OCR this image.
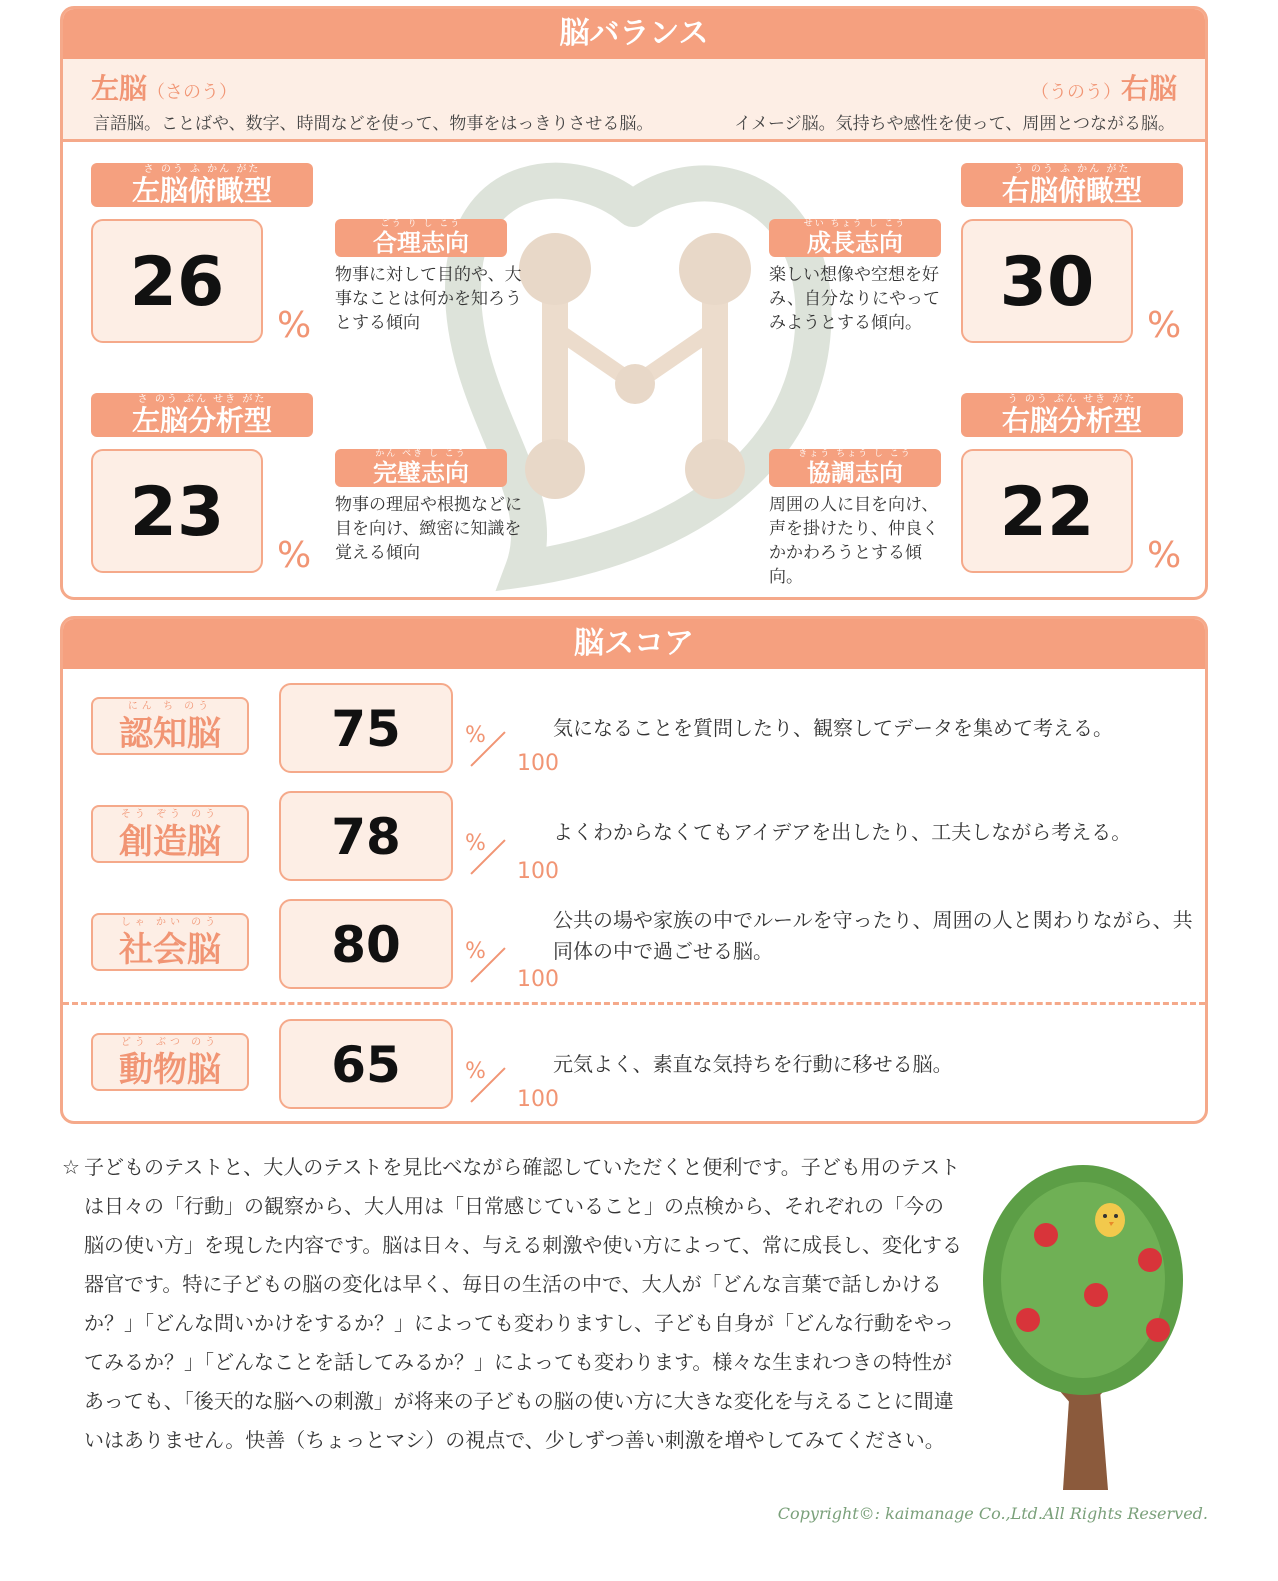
脳バランス
左脳（さのう）	（うのう）右脳
言語脳。ことばや、数字、時間などを使って、物事をはっきりさせる脳。	イメージ脳。気持ちや感性を使って、周囲とつながる脳。
さ のう ふ かん がた
左脳俯瞰型
26
%
さ のう ぶん せき がた
左脳分析型
23
%
う のう ふ かん がた
右脳俯瞰型
30
%
う のう ぶん せき がた
右脳分析型
22
%
ごう り し こう
合理志向
物事に対して目的や、大事なことは何かを知ろうとする傾向
かん ぺき し こう
完璧志向
物事の理屈や根拠などに目を向け、緻密に知識を覚える傾向
せい ちょう し こう
成長志向
楽しい想像や空想を好み、自分なりにやってみようとする傾向。
きょう ちょう し こう
協調志向
周囲の人に目を向け、声を掛けたり、仲良くかかわろうとする傾向。
脳スコア
にん ち のう
認知脳	75	%
100
気になることを質問したり、観察してデータを集めて考える。
そう ぞう のう
創造脳	78	%
100
よくわからなくてもアイデアを出したり、工夫しながら考える。
しゃ かい のう
社会脳	80	%
100
公共の場や家族の中でルールを守ったり、周囲の人と関わりながら、共同体の中で過ごせる脳。
どう ぶつ のう
動物脳	65	%
100
元気よく、素直な気持ちを行動に移せる脳。
☆ 子どものテストと、大人のテストを見比べながら確認していただくと便利です。子ども用のテストは日々の「行動」の観察から、大人用は「日常感じていること」の点検から、それぞれの「今の脳の使い方」を現した内容です。脳は日々、与える刺激や使い方によって、常に成長し、変化する器官です。特に子どもの脳の変化は早く、毎日の生活の中で、大人が「どんな言葉で話しかけるか？」「どんな問いかけをするか？」によっても変わりますし、子ども自身が「どんな行動をやってみるか？」「どんなことを話してみるか？」によっても変わります。様々な生まれつきの特性があっても、「後天的な脳への刺激」が将来の子どもの脳の使い方に大きな変化を与えることに間違いはありません。快善（ちょっとマシ）の視点で、少しずつ善い刺激を増やしてみてください。
Copyright©: kaimanage Co.,Ltd.All Rights Reserved.
